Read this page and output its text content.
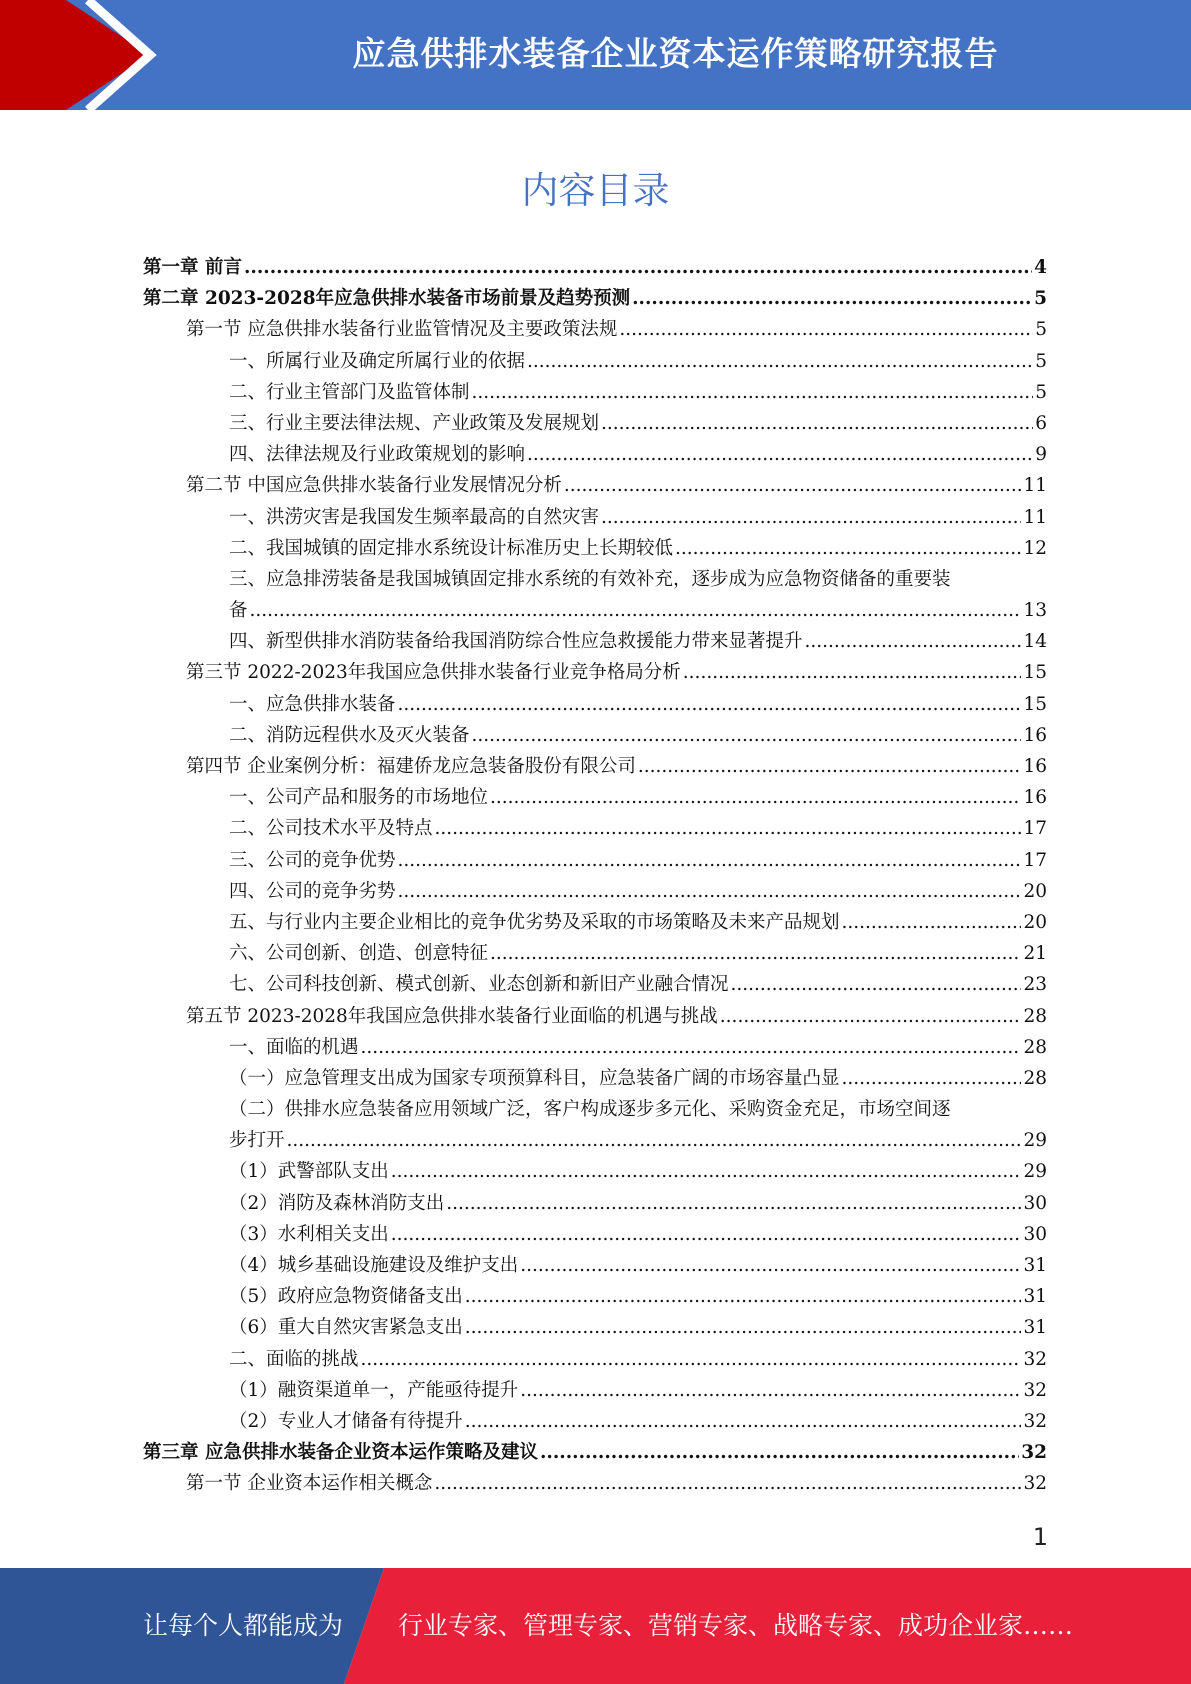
应急供排水装备企业资本运作策略研究报告
内容目录
第一章 前言 .....	4
第二章 2023-2028年应急供排水装备市场前景及趋势预测 .....	5
第一节 应急供排水装备行业监管情况及主要政策法规 .....	5
一、所属行业及确定所属行业的依据 .....	5
二、行业主管部门及监管体制 .....	5
三、行业主要法律法规、产业政策及发展规划 .....	6
四、法律法规及行业政策规划的影响 .....	9
第二节 中国应急供排水装备行业发展情况分析 .....	11
一、洪涝灾害是我国发生频率最高的自然灾害 .....	11
二、我国城镇的固定排水系统设计标准历史上长期较低 .....	12
三、应急排涝装备是我国城镇固定排水系统的有效补充，逐步成为应急物资储备的重要装
备 .....	13
四、新型供排水消防装备给我国消防综合性应急救援能力带来显著提升 .....	14
第三节 2022-2023年我国应急供排水装备行业竞争格局分析 .....	15
一、应急供排水装备 .....	15
二、消防远程供水及灭火装备 .....	16
第四节 企业案例分析：福建侨龙应急装备股份有限公司 .....	16
一、公司产品和服务的市场地位 .....	16
二、公司技术水平及特点 .....	17
三、公司的竞争优势 .....	17
四、公司的竞争劣势 .....	20
五、与行业内主要企业相比的竞争优劣势及采取的市场策略及未来产品规划 .....	20
六、公司创新、创造、创意特征 .....	21
七、公司科技创新、模式创新、业态创新和新旧产业融合情况 .....	23
第五节 2023-2028年我国应急供排水装备行业面临的机遇与挑战 .....	28
一、面临的机遇 .....	28
（一）应急管理支出成为国家专项预算科目，应急装备广阔的市场容量凸显 .....	28
（二）供排水应急装备应用领域广泛，客户构成逐步多元化、采购资金充足，市场空间逐
步打开 .....	29
（1）武警部队支出 .....	29
（2）消防及森林消防支出 .....	30
（3）水利相关支出 .....	30
（4）城乡基础设施建设及维护支出 .....	31
（5）政府应急物资储备支出 .....	31
（6）重大自然灾害紧急支出 .....	31
二、面临的挑战 .....	32
（1）融资渠道单一，产能亟待提升 .....	32
（2）专业人才储备有待提升 .....	32
第三章 应急供排水装备企业资本运作策略及建议 .....	32
第一节 企业资本运作相关概念 .....	32
1
让每个人都能成为 行业专家、管理专家、营销专家、战略专家、成功企业家……
